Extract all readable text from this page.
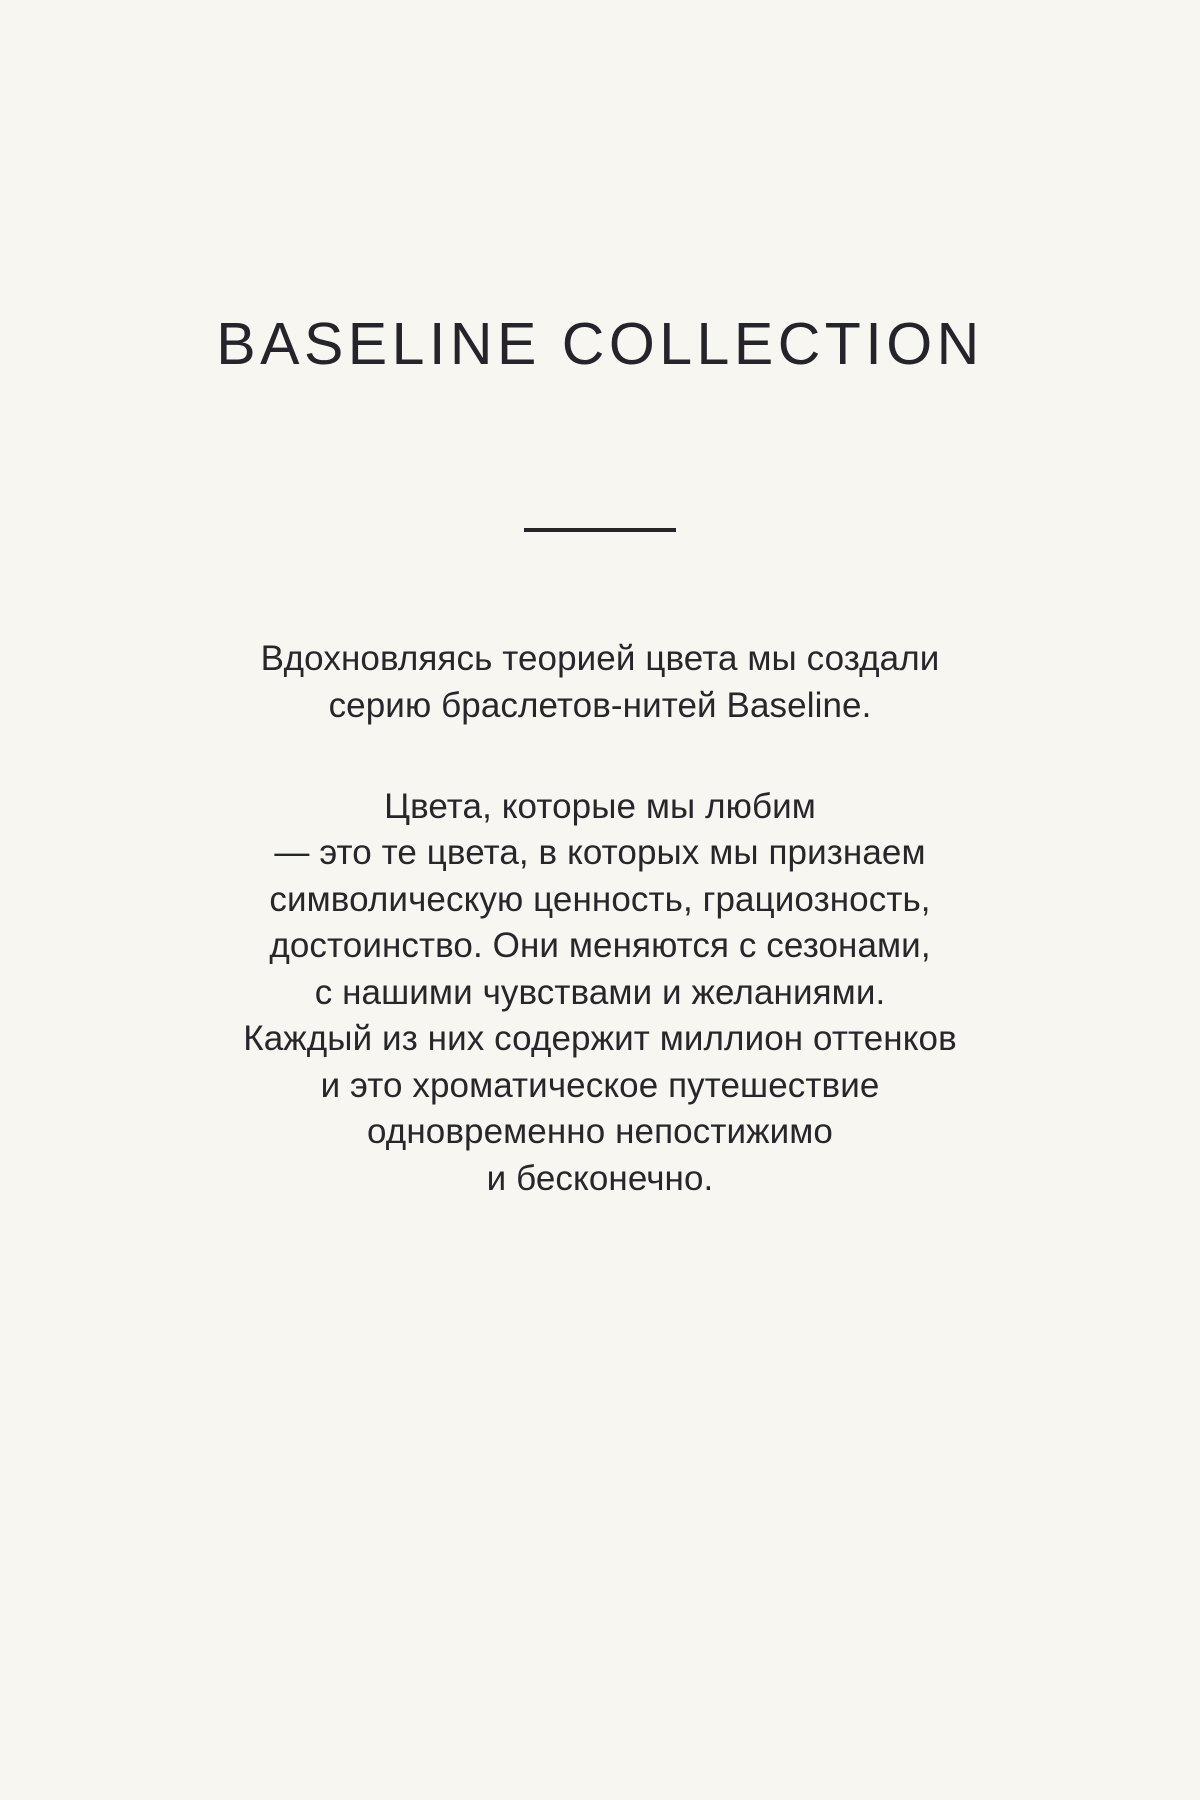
BASELINE COLLECTION

Вдохновляясь теорией цвета мы создали
серию браслетов-нитей Baseline.

Цвета, которые мы любим
— это те цвета, в которых мы признаем
символическую ценность, грациозность,
достоинство. Они меняются с сезонами,
с нашими чувствами и желаниями.
Каждый из них содержит миллион оттенков
и это хроматическое путешествие
одновременно непостижимо
и бесконечно.
